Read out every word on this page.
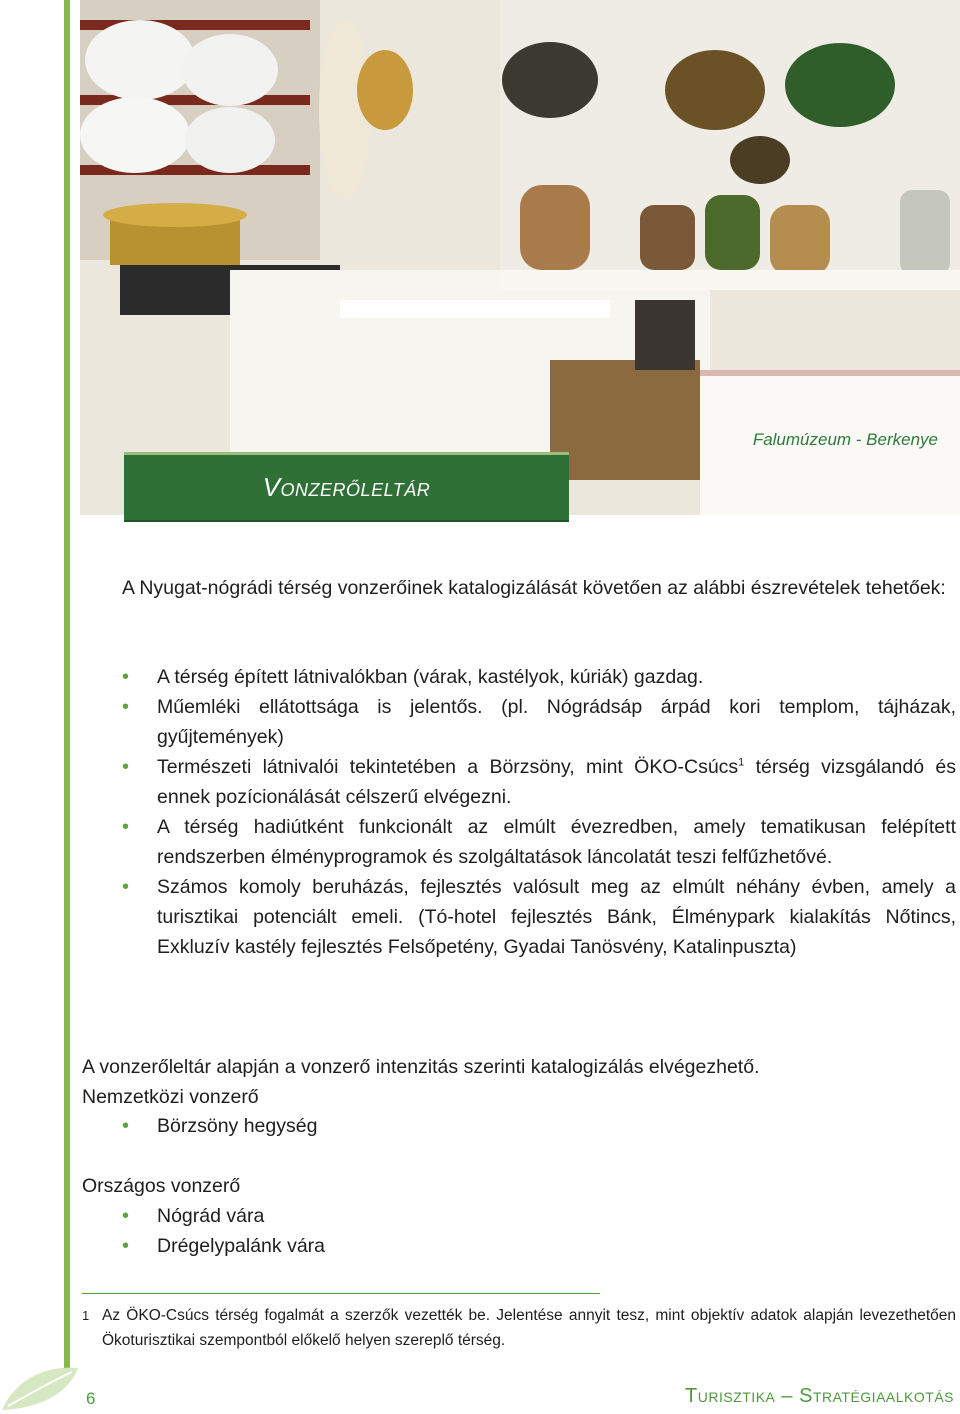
Falumúzeum - Berkenye
Vonzerőleltár
A Nyugat-nógrádi térség vonzerőinek katalogizálását követően az alábbi észrevételek tehetőek:
• A térség épített látnivalókban (várak, kastélyok, kúriák) gazdag.
• Műemléki ellátottsága is jelentős. (pl. Nógrádsáp árpád kori templom, tájházak, gyűjtemények)
• Természeti látnivalói tekintetében a Börzsöny, mint ÖKO-Csúcs$^1$ térség vizsgálandó és ennek pozícionálását célszerű elvégezni.
• A térség hadiútként funkcionált az elmúlt évezredben, amely tematikusan felépített rendszerben élményprogramok és szolgáltatások láncolatát teszi felfűzhetővé.
• Számos komoly beruházás, fejlesztés valósult meg az elmúlt néhány évben, amely a turisztikai potenciált emeli. (Tó-hotel fejlesztés Bánk, Élménypark kialakítás Nőtincs, Exkluzív kastély fejlesztés Felsőpetény, Gyadai Tanösvény, Katalinpuszta)
A vonzerőleltár alapján a vonzerő intenzitás szerinti katalogizálás elvégezhető.
Nemzetközi vonzerő
• Börzsöny hegység
Országos vonzerő
• Nógrád vára
• Drégelypalánk vára
1 Az ÖKO-Csúcs térség fogalmát a szerzők vezették be. Jelentése annyit tesz, mint objektív adatok alapján levezethetően Ökoturisztikai szempontból előkelő helyen szereplő térség.
6	Turisztika – Stratégiaalkotás
